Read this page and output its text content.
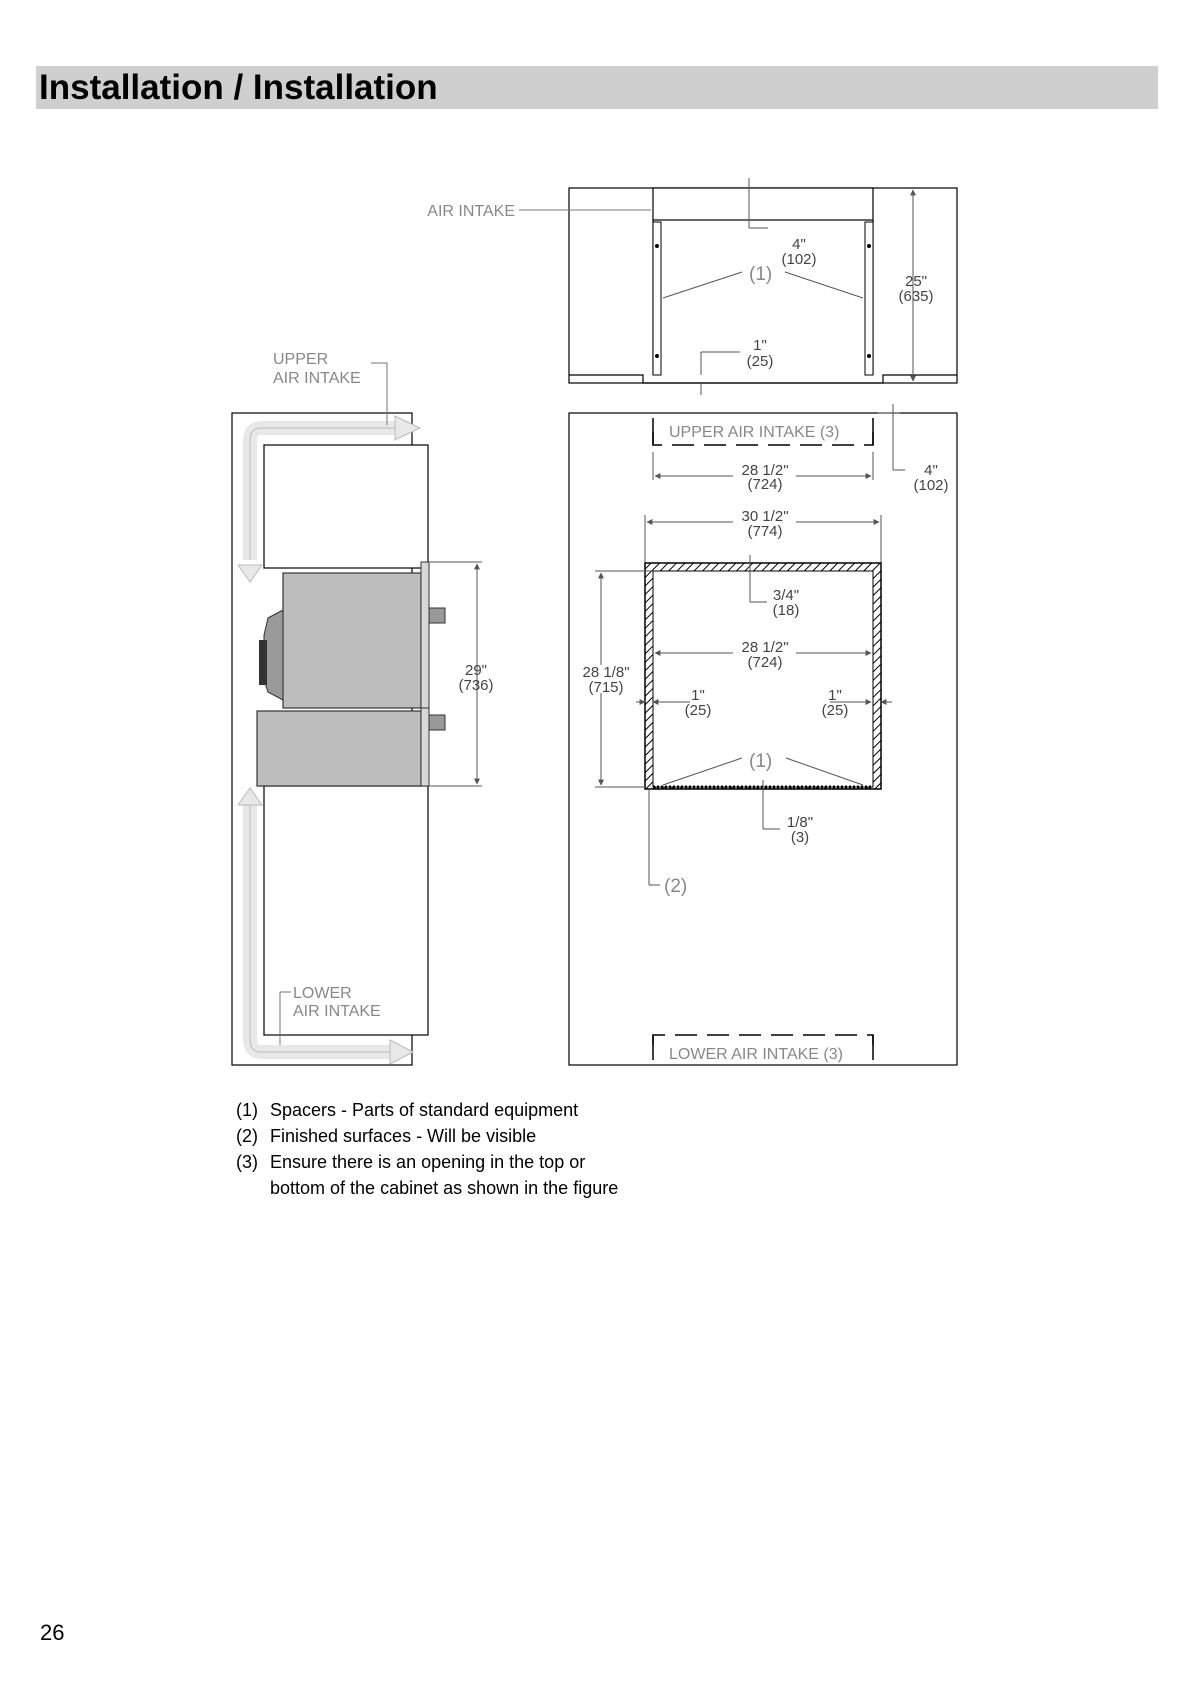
Installation / Installation
AIR INTAKE
UPPER
AIR INTAKE
LOWER
AIR INTAKE
UPPER AIR INTAKE (3)
LOWER AIR INTAKE (3)
(1)
(1)
(2)
4"
(102)
25"
(635)
1"
(25)
29"
(736)
28 1/2"
(724)
4"
(102)
30 1/2"
(774)
3/4"
(18)
28 1/2"
(724)
28 1/8"
(715)	1"
(25)
1"
(25)
1/8"
(3)
(1) Spacers - Parts of standard equipment
(2) Finished surfaces - Will be visible
(3) Ensure there is an opening in the top or
bottom of the cabinet as shown in the figure
26
